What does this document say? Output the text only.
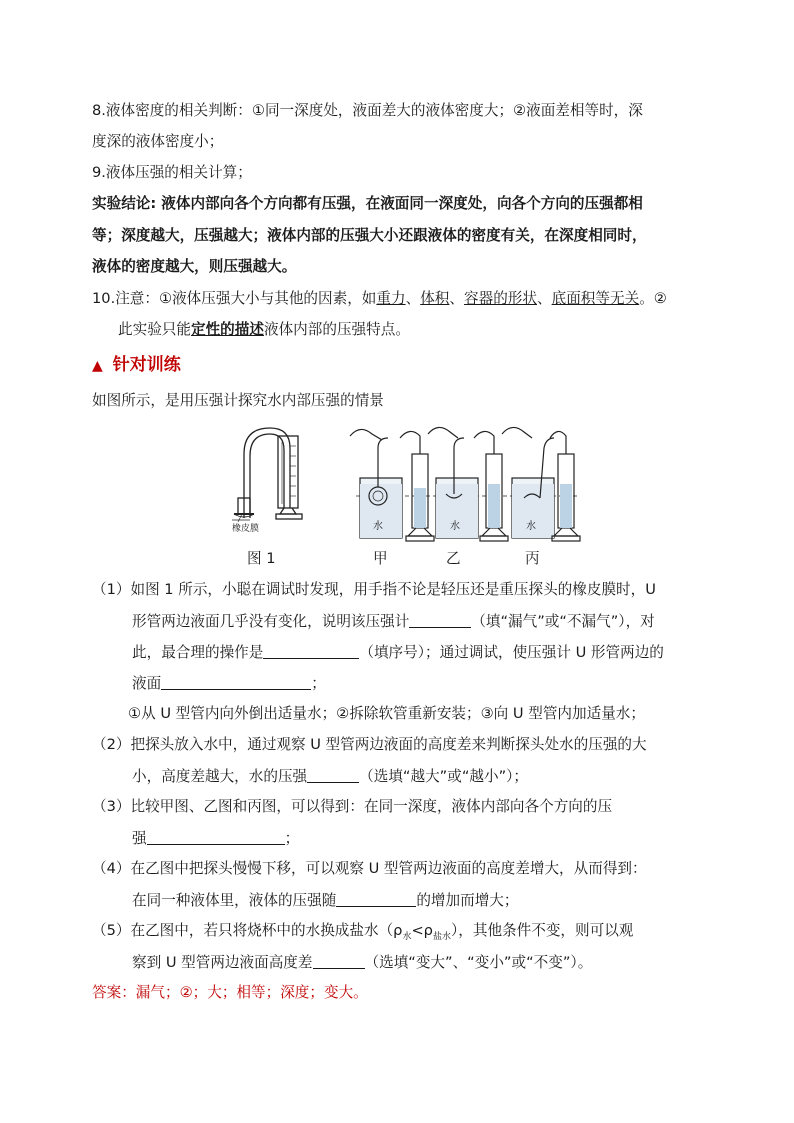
8.液体密度的相关判断：①同一深度处，液面差大的液体密度大；②液面差相等时，深
度深的液体密度小；
9.液体压强的相关计算；
实验结论: 液体内部向各个方向都有压强，在液面同一深度处，向各个方向的压强都相
等；深度越大，压强越大；液体内部的压强大小还跟液体的密度有关，在深度相同时，
液体的密度越大，则压强越大。
10.注意：①液体压强大小与其他的因素，如重力、体积、容器的形状、底面积等无关。②
此实验只能定性的描述液体内部的压强特点。
▲ 针对训练
如图所示，是用压强计探究水内部压强的情景
橡皮膜	水	水	水
图 1	甲	乙	丙
（1）如图 1 所示，小聪在调试时发现，用手指不论是轻压还是重压探头的橡皮膜时，U
形管两边液面几乎没有变化，说明该压强计	（填“漏气”或“不漏气”），对
此，最合理的操作是	（填序号）；通过调试，使压强计 U 形管两边的
液面	；
①从 U 型管内向外倒出适量水；②拆除软管重新安装；③向 U 型管内加适量水；
（2）把探头放入水中，通过观察 U 型管两边液面的高度差来判断探头处水的压强的大
小，高度差越大，水的压强	（选填“越大”或“越小”）；
（3）比较甲图、乙图和丙图，可以得到：在同一深度，液体内部向各个方向的压
强	；
（4）在乙图中把探头慢慢下移，可以观察 U 型管两边液面的高度差增大，从而得到：
在同一种液体里，液体的压强随	的增加而增大；
（5）在乙图中，若只将烧杯中的水换成盐水$(\rho_水<\rho_{盐水})$，其他条件不变，则可以观
察到 U 型管两边液面高度差	（选填“变大”、“变小”或“不变”）。
答案：漏气；②；大；相等；深度；变大。
